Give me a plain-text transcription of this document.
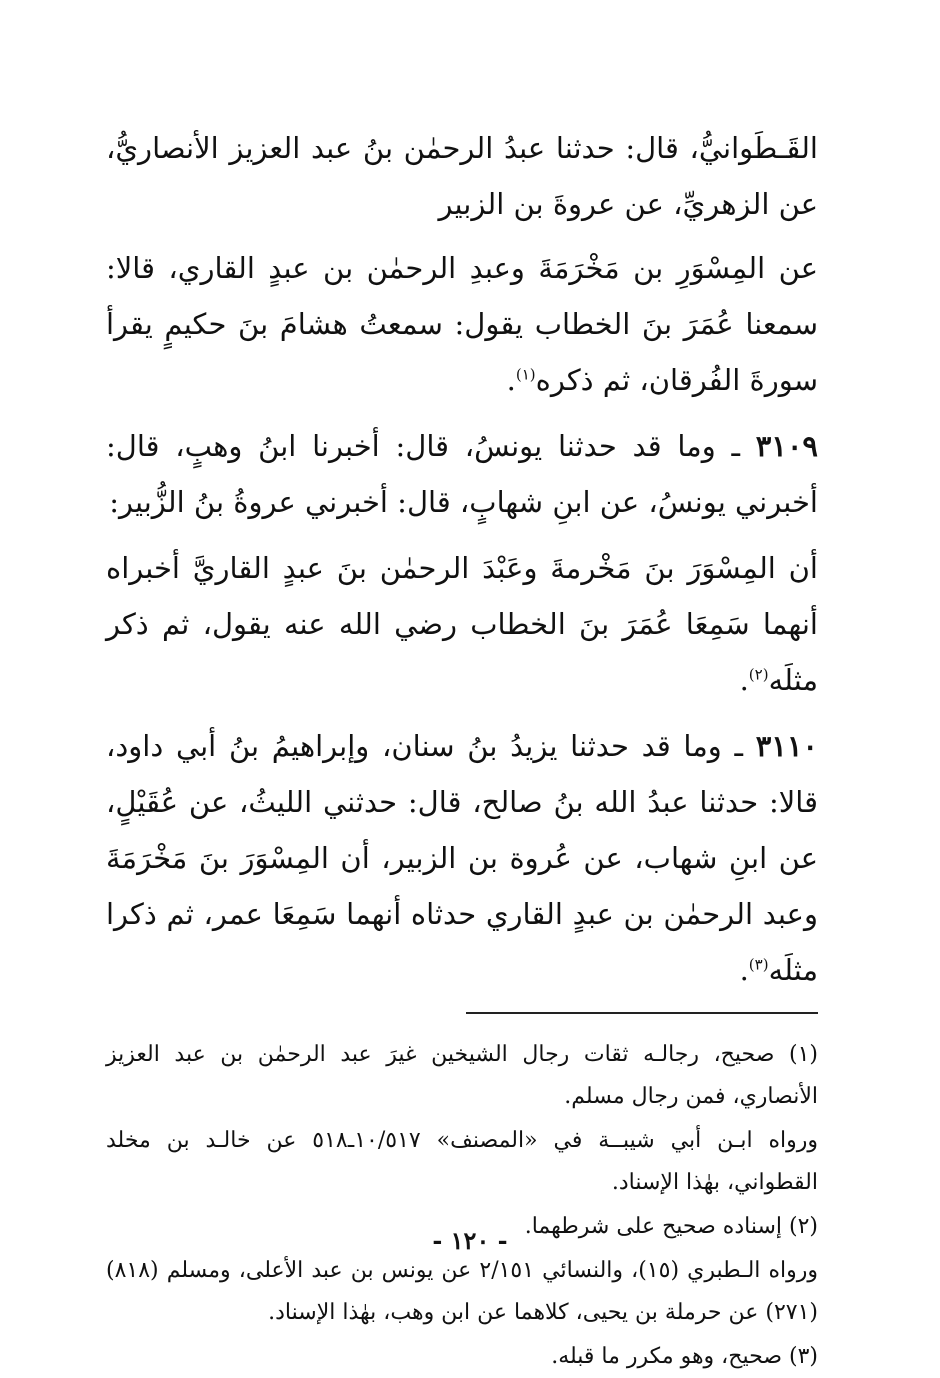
القَـطَوانيُّ، قال: حدثنا عبدُ الرحمٰن بنُ عبد العزيز الأنصاريُّ، عن الزهريِّ، عن عروةَ بن الزبير

عن المِسْوَرِ بن مَخْرَمَةَ وعبدِ الرحمٰن بن عبدٍ القاري، قالا: سمعنا عُمَرَ بنَ الخطاب يقول: سمعتُ هشامَ بنَ حكيمٍ يقرأ سورةَ الفُرقان، ثم ذكره$^{(١)}$.

٣١٠٩ ـ وما قد حدثنا يونسُ، قال: أخبرنا ابنُ وهبٍ، قال: أخبرني يونسُ، عن ابنِ شهابٍ، قال: أخبرني عروةُ بنُ الزُّبير:

أن المِسْوَرَ بنَ مَخْرمةَ وعَبْدَ الرحمٰن بنَ عبدٍ القاريَّ أخبراه أنهما سَمِعَا عُمَرَ بنَ الخطاب رضي الله عنه يقول، ثم ذكر مثلَه$^{(٢)}$.

٣١١٠ ـ وما قد حدثنا يزيدُ بنُ سنان، وإبراهيمُ بنُ أبي داود، قالا: حدثنا عبدُ الله بنُ صالح، قال: حدثني الليثُ، عن عُقَيْلٍ، عن ابنِ شهاب، عن عُروة بن الزبير، أن المِسْوَرَ بنَ مَخْرَمَةَ وعبد الرحمٰن بن عبدٍ القاري حدثاه أنهما سَمِعَا عمر، ثم ذكرا مثلَه$^{(٣)}$.

(١) صحيح، رجالـه ثقات رجال الشيخين غيرَ عبد الرحمٰن بن عبد العزيز الأنصاري، فمن رجال مسلم.

ورواه ابـن أبي شيبــة في «المصنف» ١٠/٥١٧ـ٥١٨ عن خالـد بن مخلد القطواني، بهٰذا الإسناد.

(٢) إسناده صحيح على شرطهما.

ورواه الـطبري (١٥)، والنسائي ٢/١٥١ عن يونس بن عبد الأعلى، ومسلم (٨١٨) (٢٧١) عن حرملة بن يحيى، كلاهما عن ابن وهب، بهٰذا الإسناد.

(٣) صحيح، وهو مكرر ما قبله.

- ١٢٠ -
